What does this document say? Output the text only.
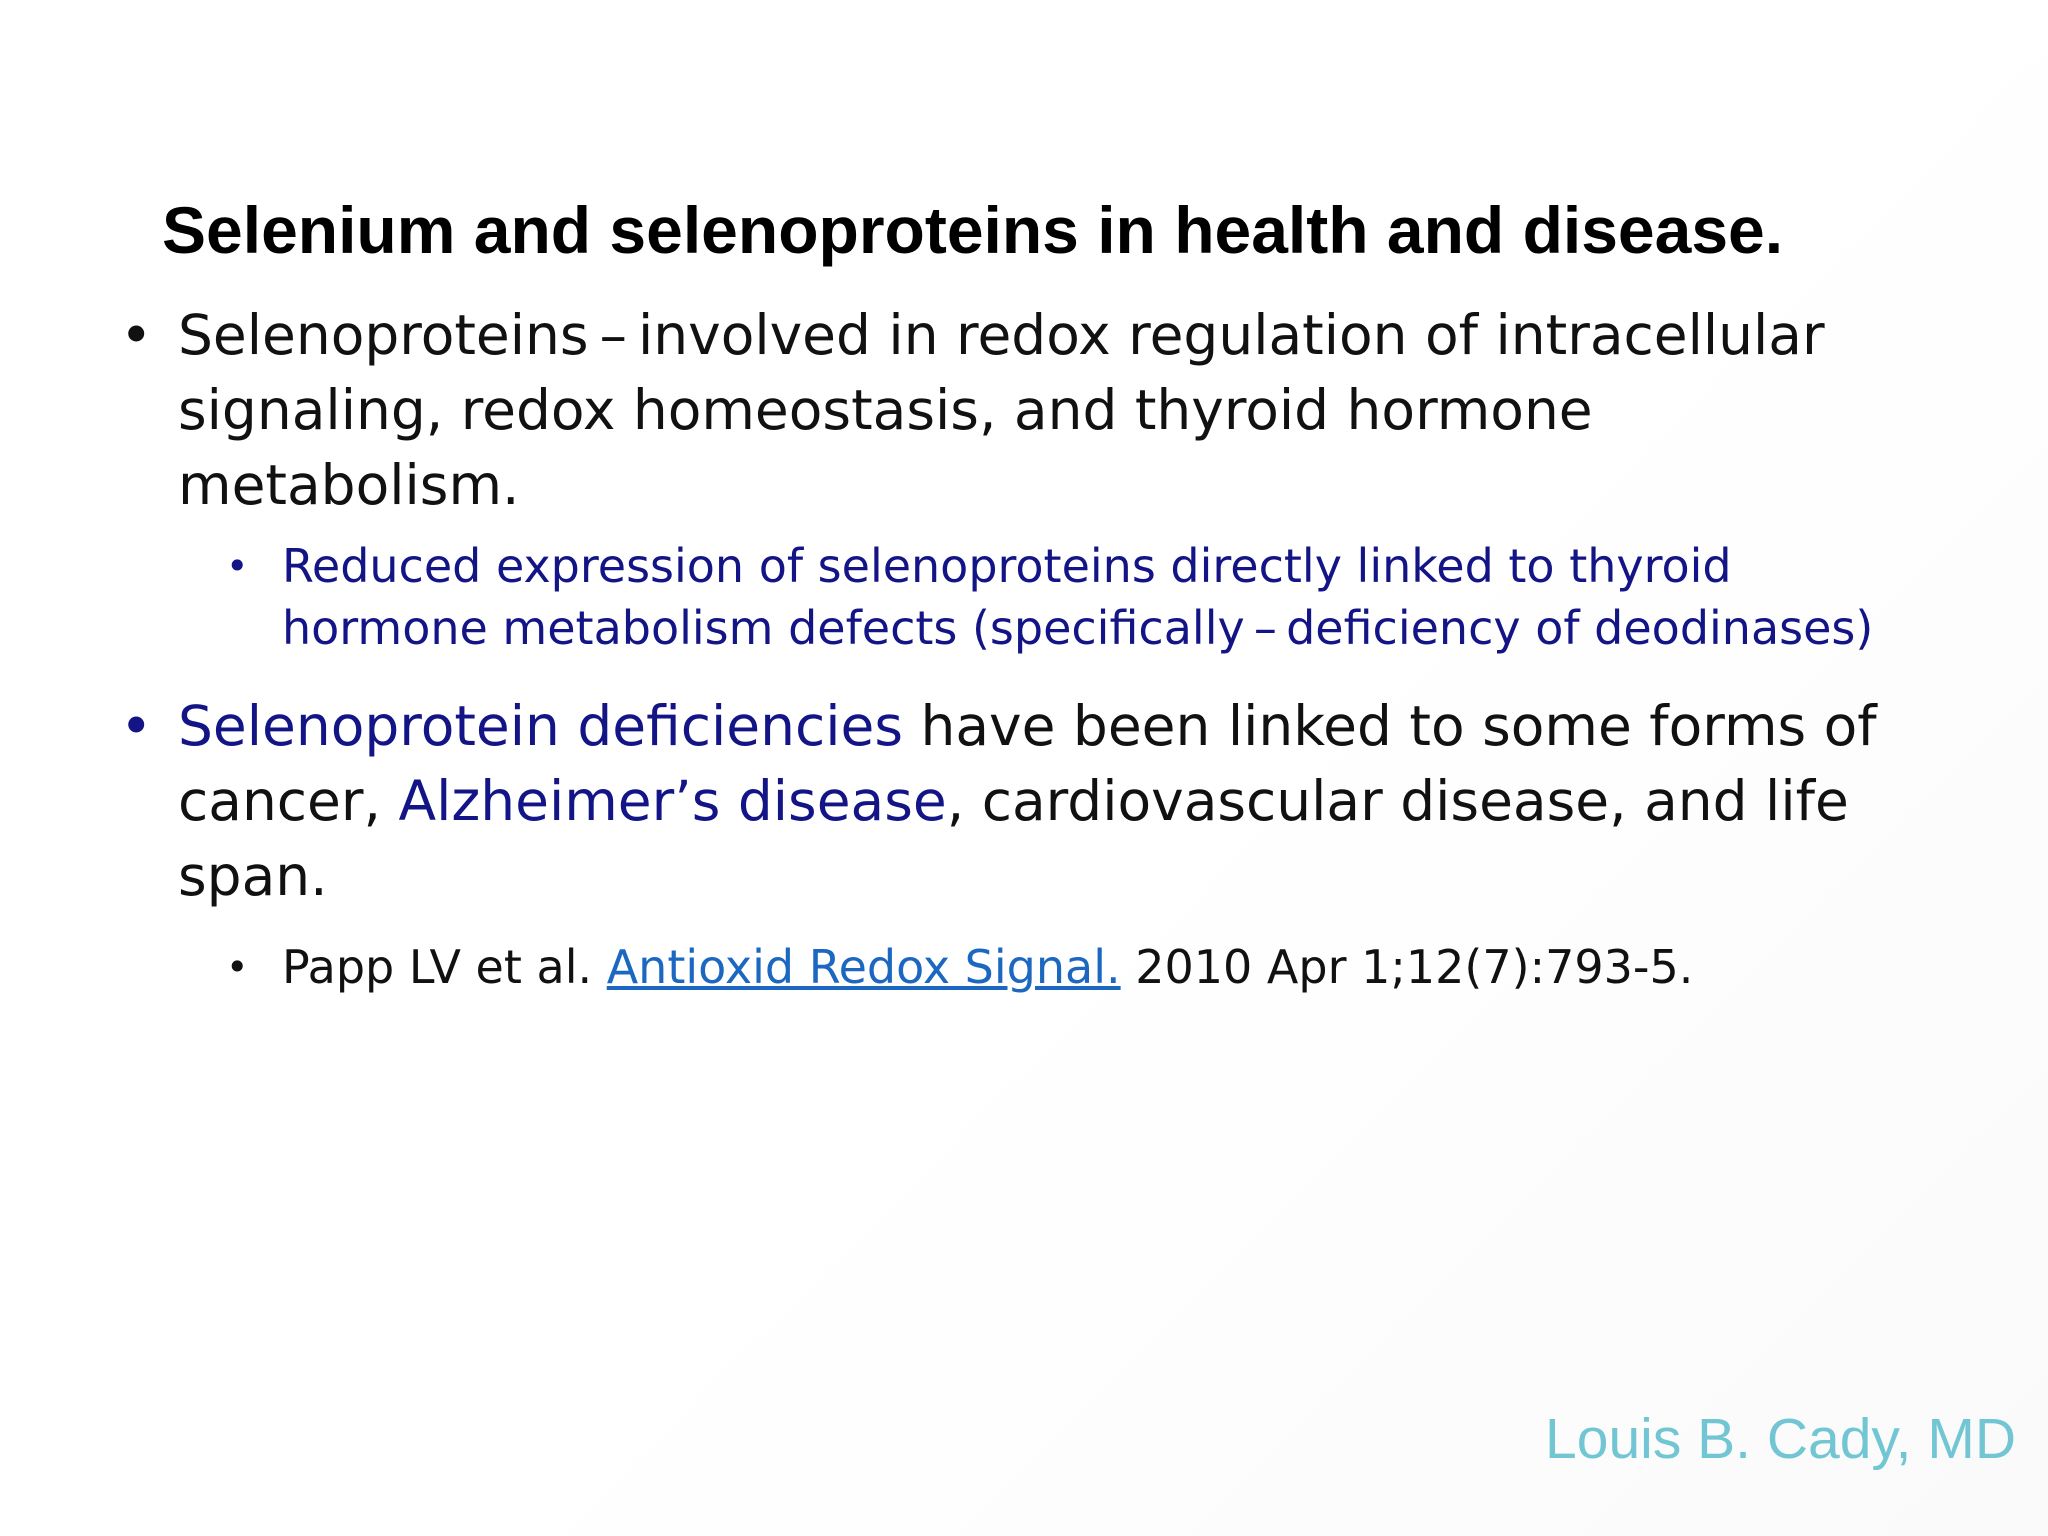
Selenium and selenoproteins in health and disease.
• Selenoproteins  –  involved in redox regulation of intracellular signaling, redox homeostasis, and thyroid hormone metabolism.
• Reduced expression of selenoproteins directly linked to thyroid hormone metabolism defects (specifically  –  deficiency of deodinases)
• Selenoprotein deficiencies have been linked to some forms of cancer, Alzheimer’s disease, cardiovascular disease, and life span.
• Papp LV et al. Antioxid Redox Signal. 2010 Apr 1;12(7):793-5.
Louis B. Cady, MD
